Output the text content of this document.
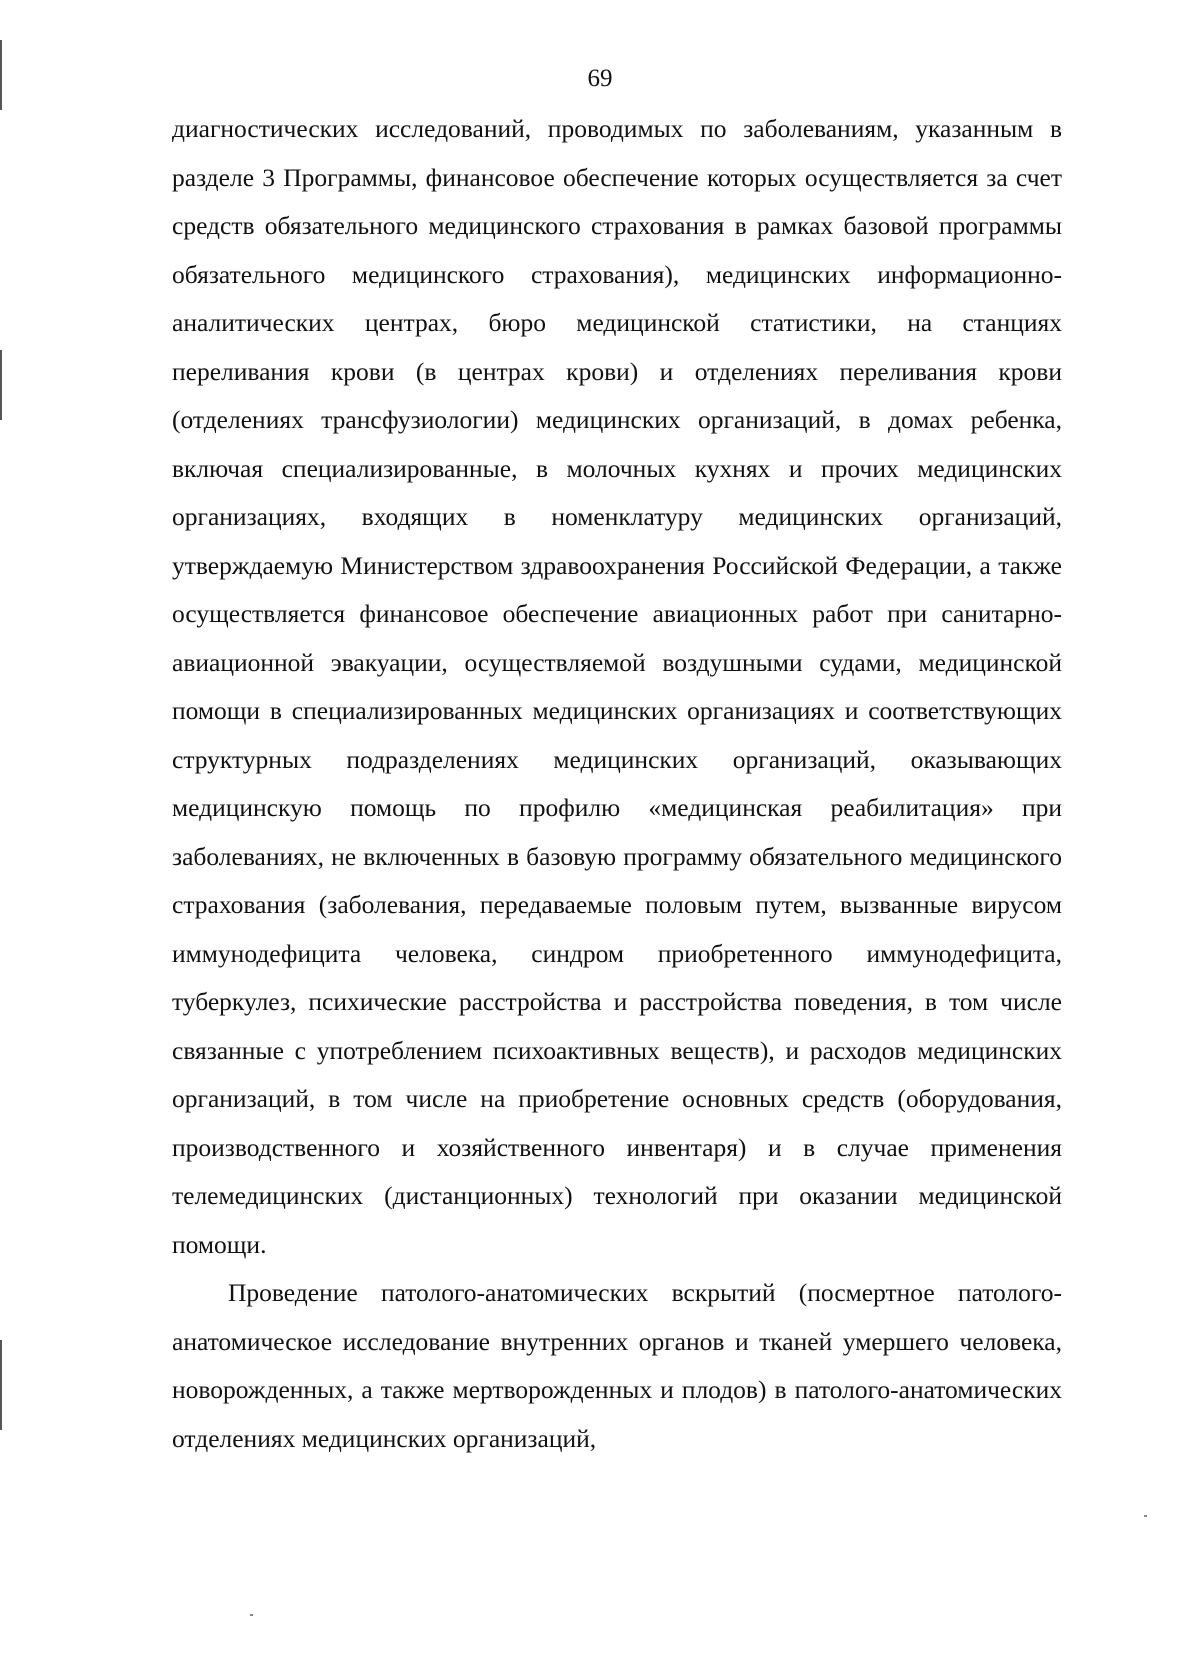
69

диагностических исследований, проводимых по заболеваниям, указанным в разделе 3 Программы, финансовое обеспечение которых осуществляется за счет средств обязательного медицинского страхования в рамках базовой программы обязательного медицинского страхования), медицинских информационно-аналитических центрах, бюро медицинской статистики, на станциях переливания крови (в центрах крови) и отделениях переливания крови (отделениях трансфузиологии) медицинских организаций, в домах ребенка, включая специализированные, в молочных кухнях и прочих медицинских организациях, входящих в номенклатуру медицинских организаций, утверждаемую Министерством здравоохранения Российской Федерации, а также осуществляется финансовое обеспечение авиационных работ при санитарно-авиационной эвакуации, осуществляемой воздушными судами, медицинской помощи в специализированных медицинских организациях и соответствующих структурных подразделениях медицинских организаций, оказывающих медицинскую помощь по профилю «медицинская реабилитация» при заболеваниях, не включенных в базовую программу обязательного медицинского страхования (заболевания, передаваемые половым путем, вызванные вирусом иммунодефицита человека, синдром приобретенного иммунодефицита, туберкулез, психические расстройства и расстройства поведения, в том числе связанные с употреблением психоактивных веществ), и расходов медицинских организаций, в том числе на приобретение основных средств (оборудования, производственного и хозяйственного инвентаря) и в случае применения телемедицинских (дистанционных) технологий при оказании медицинской помощи.

Проведение патолого-анатомических вскрытий (посмертное патолого-анатомическое исследование внутренних органов и тканей умершего человека, новорожденных, а также мертворожденных и плодов) в патолого-анатомических отделениях медицинских организаций,
